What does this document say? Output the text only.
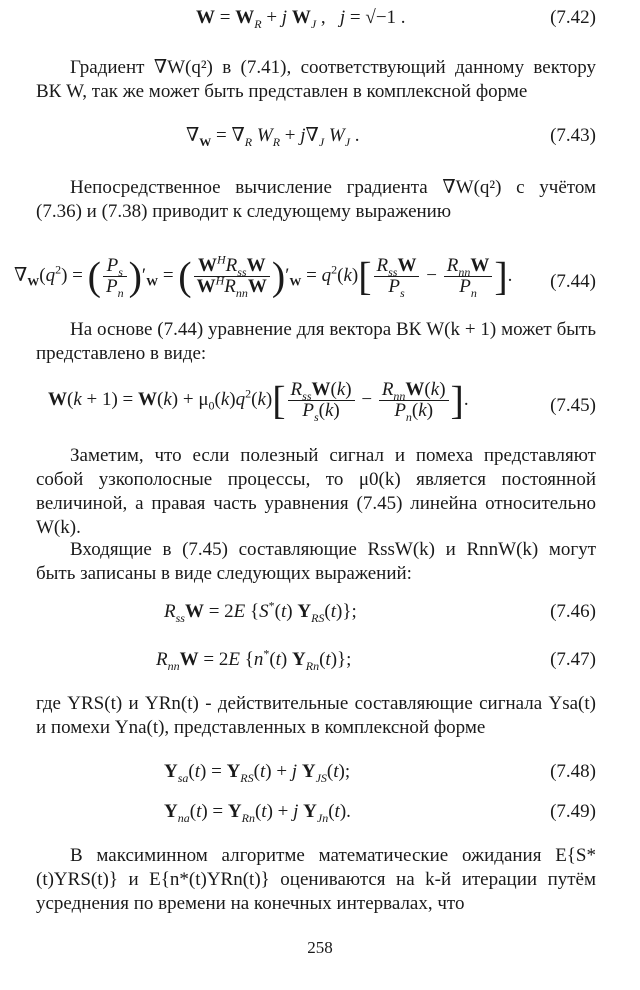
$W = W_R + j$ $W_J$ ,   j = √−1 .	(7.42)
Градиент ∇W(q²) в (7.41), соответствующий данному вектору ВК W, так же может быть представлен в комплексной форме
$\nabla_W = \nabla_R$ $W_R + j\nabla_J$ $W_J$ .	(7.43)
Непосредственное вычисление градиента ∇W(q²) с учётом (7.36) и (7.38) приводит к следующему выражению
$\nabla_W(q^2)$ = ( $\frac{P_s}{P_n} )'_W$ = ( $\frac{W^HR_{ss}W}{W^HR_{nn}W} )'_W = q^2(k)[ \frac{R_{ss}W}{P_s} - \frac{R_{nn}W}{P_n}$ ]. (7.44)
На основе (7.44) уравнение для вектора ВК W(k + 1) может быть представлено в виде:
$W(k + 1) = W(k) + \mu_0(k)q^2(k)[ \frac{R_{ss}W(k)}{P_s(k)} - \frac{R_{nn}W(k)}{P_n(k)}$ ].	(7.45)
Заметим, что если полезный сигнал и помеха представляют собой узкополосные процессы, то μ0(k) является постоянной величиной, а правая часть уравнения (7.45) линейна относительно W(k).
Входящие в (7.45) составляющие RssW(k) и RnnW(k) могут быть записаны в виде следующих выражений:
$R_{ss}W = 2E$ {S*(t) $Y_{RS}(t)$};	(7.46)
$R_{nn}W = 2E$ {n*(t) $Y_{Rn}(t)$};	(7.47)
где YRS(t) и YRn(t) - действительные составляющие сигнала Ysa(t) и помехи Yna(t), представленных в комплексной форме
$Y_{sa}(t) = Y_{RS}(t) + j$ $Y_{JS}(t)$;	(7.48)
$Y_{na}(t) = Y_{Rn}(t) + j$ $Y_{Jn}(t)$.	(7.49)
В максиминном алгоритме математические ожидания E{S*(t)YRS(t)} и E{n*(t)YRn(t)} оцениваются на k-й итерации путём усреднения по времени на конечных интервалах, что
258
